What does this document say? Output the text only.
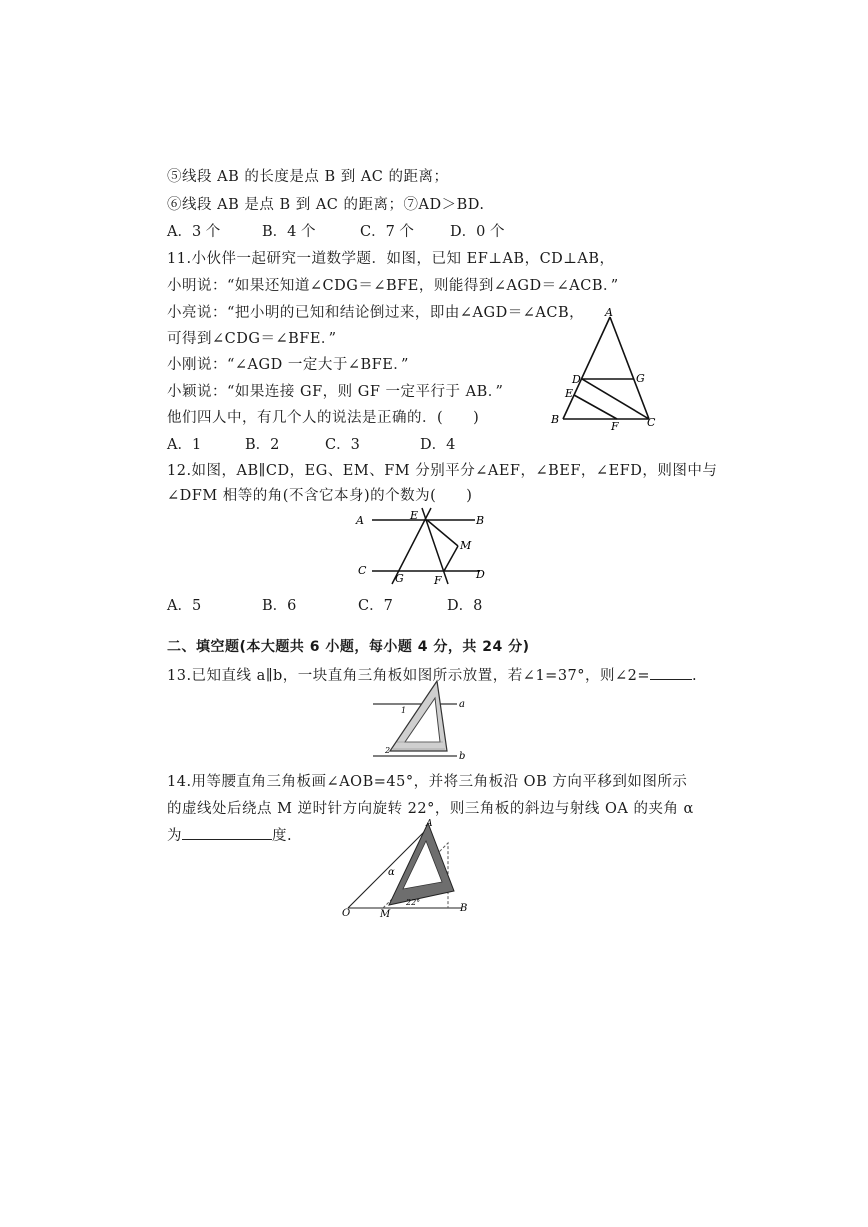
⑤线段 AB 的长度是点 B 到 AC 的距离；
⑥线段 AB 是点 B 到 AC 的距离；⑦AD＞BD.
A．3 个	B．4 个	C．7 个 D．0 个
11.小伙伴一起研究一道数学题．如图，已知 EF⊥AB，CD⊥AB，
小明说：“如果还知道∠CDG＝∠BFE，则能得到∠AGD＝∠ACB．”
小亮说：“把小明的已知和结论倒过来，即由∠AGD＝∠ACB，
可得到∠CDG＝∠BFE．”
小刚说：“∠AGD 一定大于∠BFE．”
小颖说：“如果连接 GF，则 GF 一定平行于 AB．”
他们四人中，有几个人的说法是正确的．(　　)
A．1	B．2	C．3	D．4
A
B	C
D
E
F
G
12.如图，AB∥CD，EG、EM、FM 分别平分∠AEF，∠BEF，∠EFD，则图中与
∠DFM 相等的角(不含它本身)的个数为(　　)
A	B
C	D
E
F
G
M
A．5	B．6	C．7	D．8
二、填空题(本大题共 6 小题，每小题 4 分，共 24 分)
13.已知直线 a∥b，一块直角三角板如图所示放置，若∠1=37°，则∠2=	.
1
2
a
b
14.用等腰直角三角板画∠AOB=45°，并将三角板沿 OB 方向平移到如图所示
的虚线处后绕点 M 逆时针方向旋转 22°，则三角板的斜边与射线 OA 的夹角 α
为	度.
O	M
B
A
α
22°
